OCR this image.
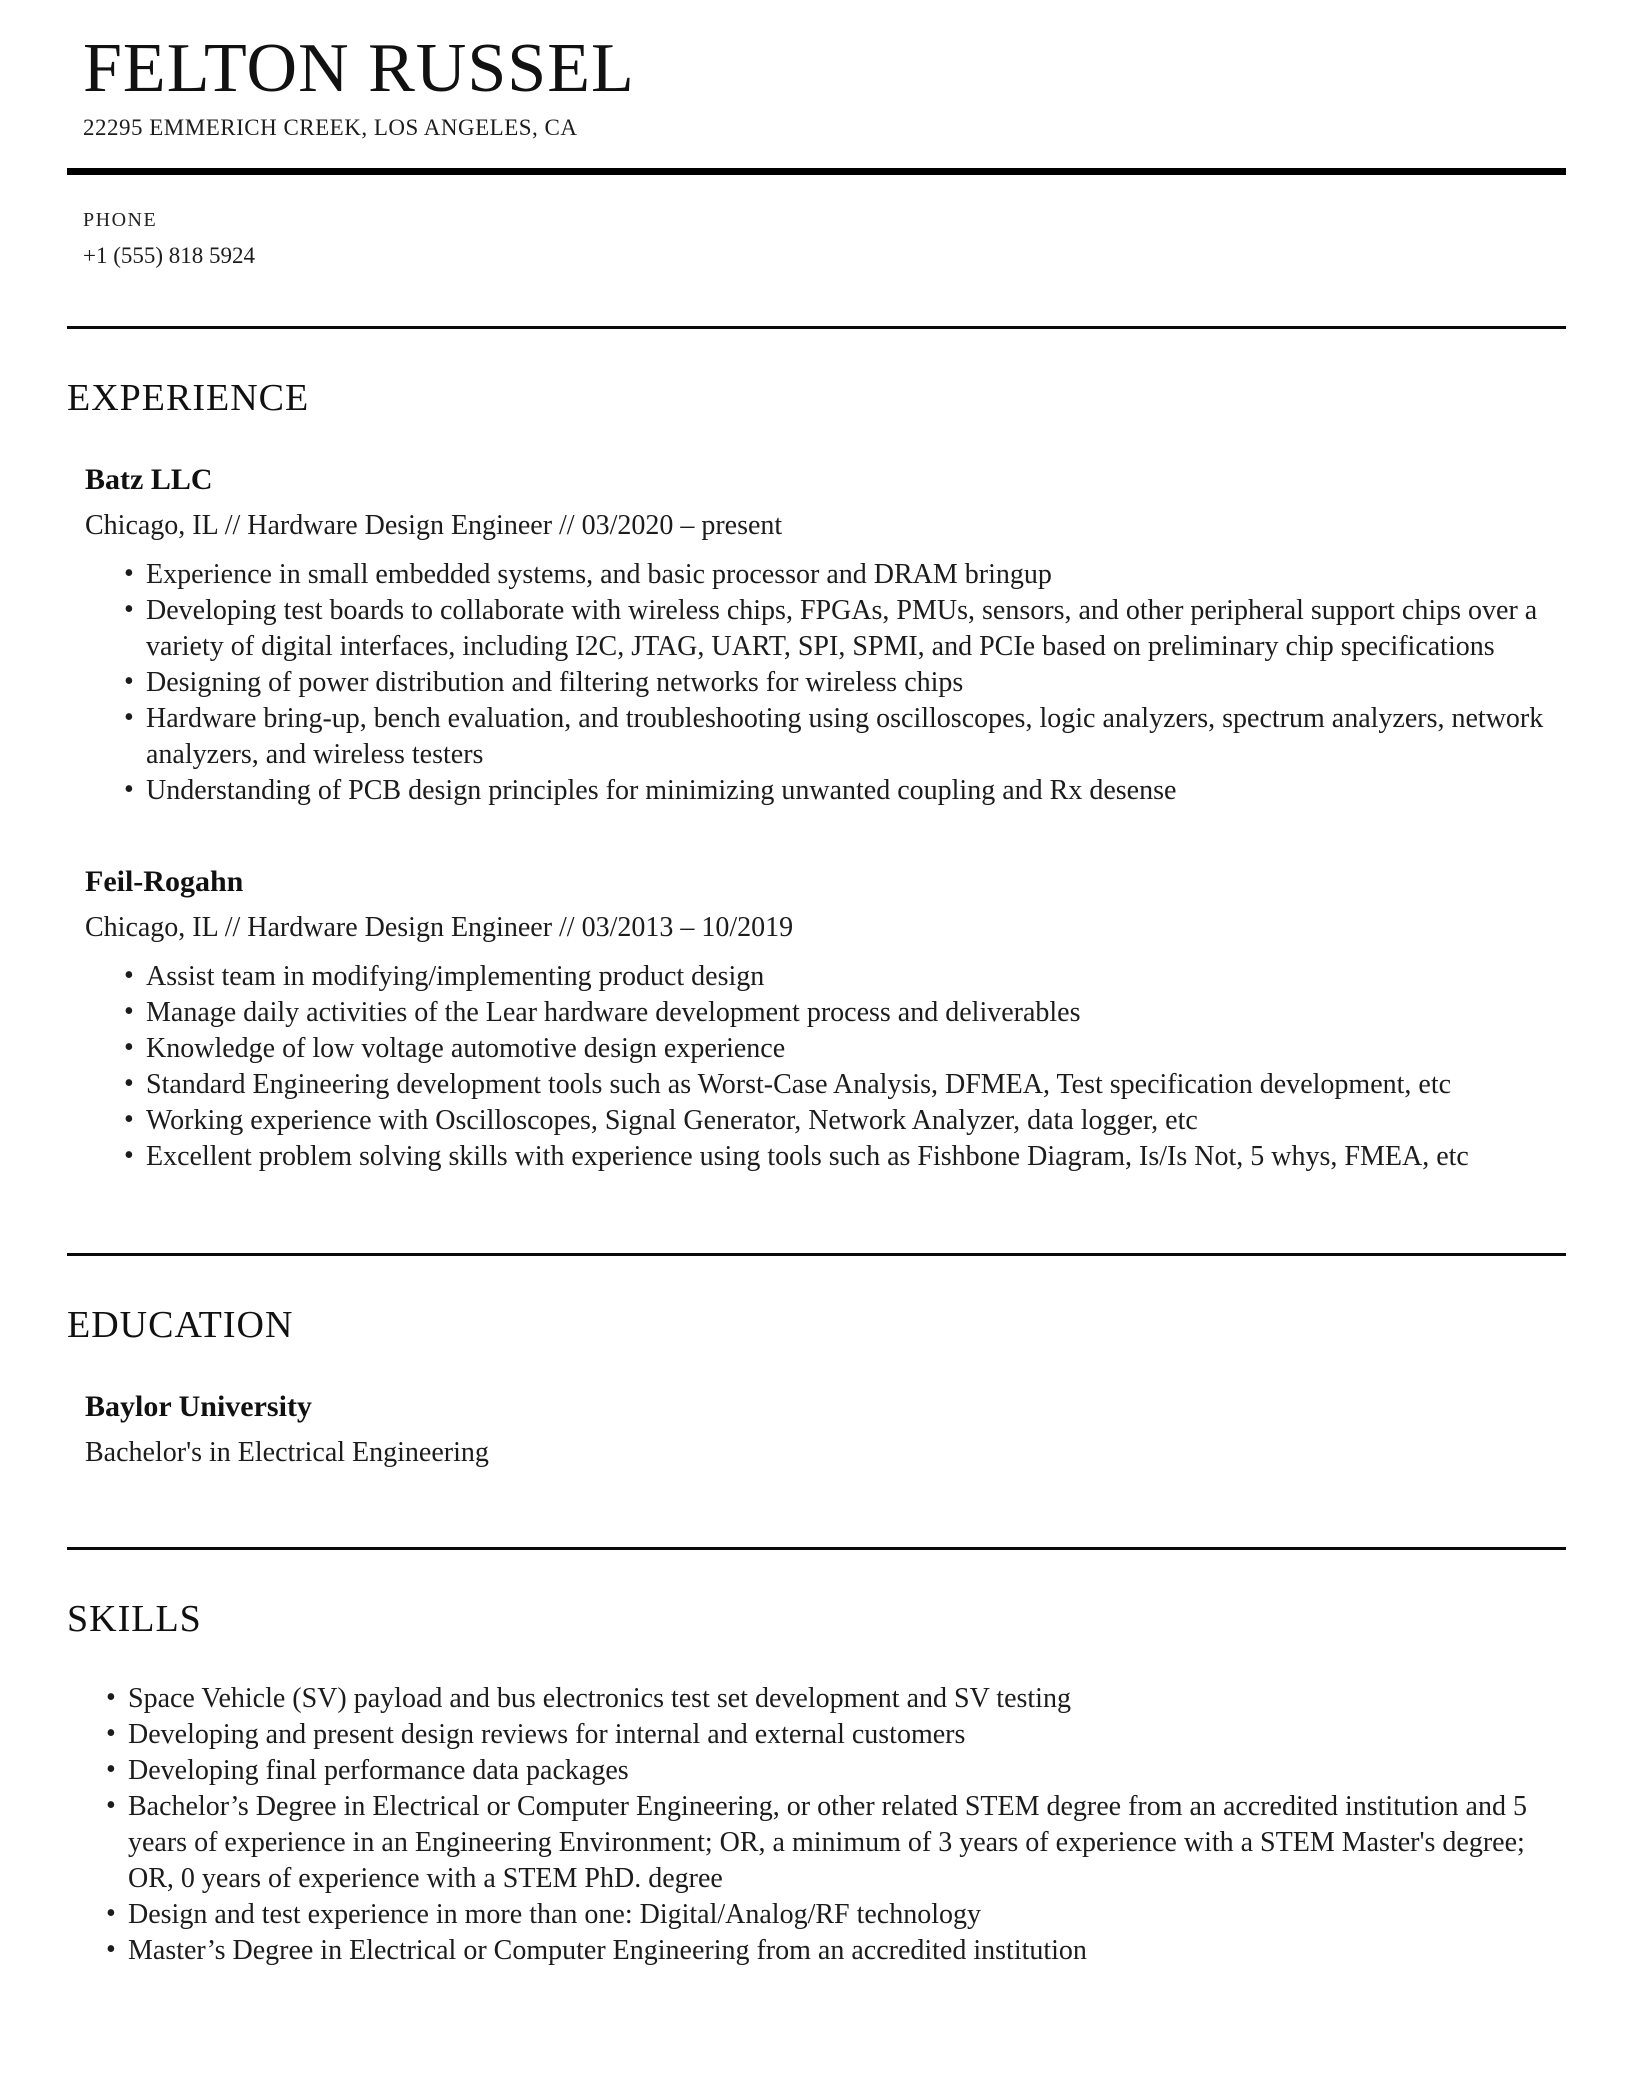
FELTON RUSSEL
22295 EMMERICH CREEK, LOS ANGELES, CA
PHONE
+1 (555) 818 5924
EXPERIENCE
Batz LLC
Chicago, IL // Hardware Design Engineer // 03/2020 – present
• Experience in small embedded systems, and basic processor and DRAM bringup
• Developing test boards to collaborate with wireless chips, FPGAs, PMUs, sensors, and other peripheral support chips over a variety of digital interfaces, including I2C, JTAG, UART, SPI, SPMI, and PCIe based on preliminary chip specifications
• Designing of power distribution and filtering networks for wireless chips
• Hardware bring-up, bench evaluation, and troubleshooting using oscilloscopes, logic analyzers, spectrum analyzers, network analyzers, and wireless testers
• Understanding of PCB design principles for minimizing unwanted coupling and Rx desense
Feil-Rogahn
Chicago, IL // Hardware Design Engineer // 03/2013 – 10/2019
• Assist team in modifying/implementing product design
• Manage daily activities of the Lear hardware development process and deliverables
• Knowledge of low voltage automotive design experience
• Standard Engineering development tools such as Worst-Case Analysis, DFMEA, Test specification development, etc
• Working experience with Oscilloscopes, Signal Generator, Network Analyzer, data logger, etc
• Excellent problem solving skills with experience using tools such as Fishbone Diagram, Is/Is Not, 5 whys, FMEA, etc
EDUCATION
Baylor University
Bachelor's in Electrical Engineering
SKILLS
• Space Vehicle (SV) payload and bus electronics test set development and SV testing
• Developing and present design reviews for internal and external customers
• Developing final performance data packages
• Bachelor’s Degree in Electrical or Computer Engineering, or other related STEM degree from an accredited institution and 5 years of experience in an Engineering Environment; OR, a minimum of 3 years of experience with a STEM Master's degree; OR, 0 years of experience with a STEM PhD. degree
• Design and test experience in more than one: Digital/Analog/RF technology
• Master’s Degree in Electrical or Computer Engineering from an accredited institution
